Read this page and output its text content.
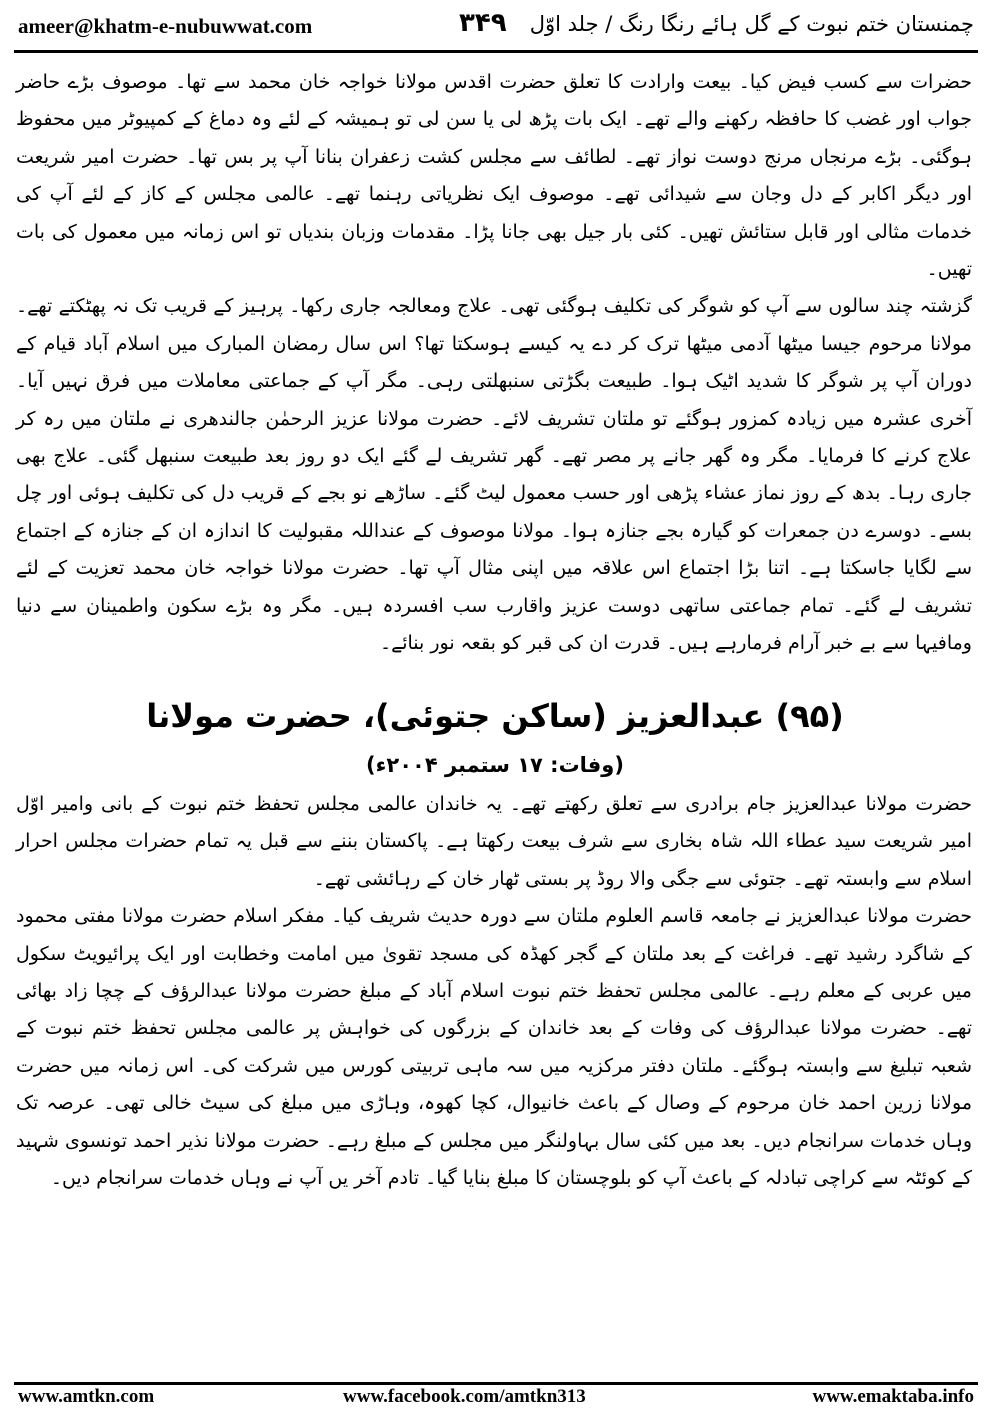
ameer@khatm-e-nubuwwat.com	۳۴۹ چمنستان ختم نبوت کے گل ہائے رنگا رنگ / جلد اوّل

حضرات سے کسب فیض کیا۔ بیعت وارادت کا تعلق حضرت اقدس مولانا خواجہ خان محمد سے تھا۔ موصوف بڑے حاضر جواب اور غضب کا حافظہ رکھنے والے تھے۔ ایک بات پڑھ لی یا سن لی تو ہمیشہ کے لئے وہ دماغ کے کمپیوٹر میں محفوظ ہوگئی۔ بڑے مرنجاں مرنج دوست نواز تھے۔ لطائف سے مجلس کشت زعفران بنانا آپ پر بس تھا۔ حضرت امیر شریعت اور دیگر اکابر کے دل وجان سے شیدائی تھے۔ موصوف ایک نظریاتی رہنما تھے۔ عالمی مجلس کے کاز کے لئے آپ کی خدمات مثالی اور قابل ستائش تھیں۔ کئی بار جیل بھی جانا پڑا۔ مقدمات وزبان بندیاں تو اس زمانہ میں معمول کی بات تھیں۔

گزشتہ چند سالوں سے آپ کو شوگر کی تکلیف ہوگئی تھی۔ علاج ومعالجہ جاری رکھا۔ پرہیز کے قریب تک نہ پھٹکتے تھے۔ مولانا مرحوم جیسا میٹھا آدمی میٹھا ترک کر دے یہ کیسے ہوسکتا تھا؟ اس سال رمضان المبارک میں اسلام آباد قیام کے دوران آپ پر شوگر کا شدید اٹیک ہوا۔ طبیعت بگڑتی سنبھلتی رہی۔ مگر آپ کے جماعتی معاملات میں فرق نہیں آیا۔ آخری عشرہ میں زیادہ کمزور ہوگئے تو ملتان تشریف لائے۔ حضرت مولانا عزیز الرحمٰن جالندھری نے ملتان میں رہ کر علاج کرنے کا فرمایا۔ مگر وہ گھر جانے پر مصر تھے۔ گھر تشریف لے گئے ایک دو روز بعد طبیعت سنبھل گئی۔ علاج بھی جاری رہا۔ بدھ کے روز نماز عشاء پڑھی اور حسب معمول لیٹ گئے۔ ساڑھے نو بجے کے قریب دل کی تکلیف ہوئی اور چل بسے۔ دوسرے دن جمعرات کو گیارہ بجے جنازہ ہوا۔ مولانا موصوف کے عنداللہ مقبولیت کا اندازہ ان کے جنازہ کے اجتماع سے لگایا جاسکتا ہے۔ اتنا بڑا اجتماع اس علاقہ میں اپنی مثال آپ تھا۔ حضرت مولانا خواجہ خان محمد تعزیت کے لئے تشریف لے گئے۔ تمام جماعتی ساتھی دوست عزیز واقارب سب افسردہ ہیں۔ مگر وہ بڑے سکون واطمینان سے دنیا ومافیہا سے بے خبر آرام فرمارہے ہیں۔ قدرت ان کی قبر کو بقعہ نور بنائے۔

(۹۵) عبدالعزیز (ساکن جتوئی)، حضرت مولانا
(وفات: ۱۷ ستمبر ۲۰۰۴ء)

حضرت مولانا عبدالعزیز جام برادری سے تعلق رکھتے تھے۔ یہ خاندان عالمی مجلس تحفظ ختم نبوت کے بانی وامیر اوّل امیر شریعت سید عطاء اللہ شاہ بخاری سے شرف بیعت رکھتا ہے۔ پاکستان بننے سے قبل یہ تمام حضرات مجلس احرار اسلام سے وابستہ تھے۔ جتوئی سے جگی والا روڈ پر بستی ٹھار خان کے رہائشی تھے۔

حضرت مولانا عبدالعزیز نے جامعہ قاسم العلوم ملتان سے دورہ حدیث شریف کیا۔ مفکر اسلام حضرت مولانا مفتی محمود کے شاگرد رشید تھے۔ فراغت کے بعد ملتان کے گجر کھڈہ کی مسجد تقویٰ میں امامت وخطابت اور ایک پرائیویٹ سکول میں عربی کے معلم رہے۔ عالمی مجلس تحفظ ختم نبوت اسلام آباد کے مبلغ حضرت مولانا عبدالرؤف کے چچا زاد بھائی تھے۔ حضرت مولانا عبدالرؤف کی وفات کے بعد خاندان کے بزرگوں کی خواہش پر عالمی مجلس تحفظ ختم نبوت کے شعبہ تبلیغ سے وابستہ ہوگئے۔ ملتان دفتر مرکزیہ میں سہ ماہی تربیتی کورس میں شرکت کی۔ اس زمانہ میں حضرت مولانا زرین احمد خان مرحوم کے وصال کے باعث خانیوال، کچا کھوہ، وہاڑی میں مبلغ کی سیٹ خالی تھی۔ عرصہ تک وہاں خدمات سرانجام دیں۔ بعد میں کئی سال بہاولنگر میں مجلس کے مبلغ رہے۔ حضرت مولانا نذیر احمد تونسوی شہید کے کوئٹہ سے کراچی تبادلہ کے باعث آپ کو بلوچستان کا مبلغ بنایا گیا۔ تادم آخر یں آپ نے وہاں خدمات سرانجام دیں۔

www.amtkn.com	www.facebook.com/amtkn313	www.emaktaba.info
